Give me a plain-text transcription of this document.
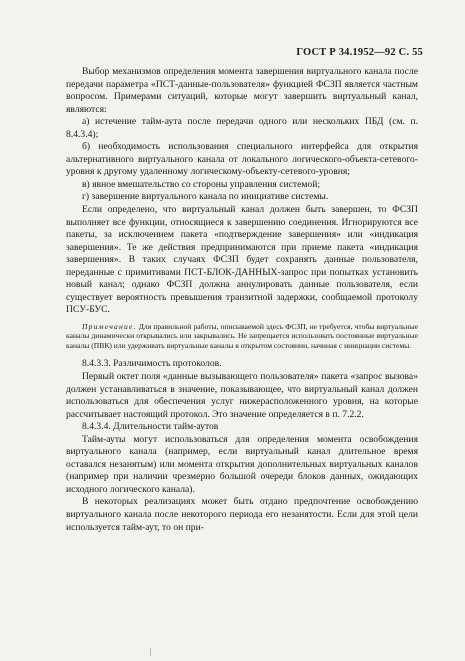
ГОСТ Р 34.1952—92 С. 55

Выбор механизмов определения момента завершения виртуального канала после передачи параметра «ПСТ-данные-пользователя» функцией ФСЗП является частным вопросом. Примерами ситуаций, которые могут завершить виртуальный канал, являются:

а) истечение тайм-аута после передачи одного или нескольких ПБД (см. п. 8.4.3.4);

б) необходимость использования специального интерфейса для открытия альтернативного виртуального канала от локального логического-объекта-сетевого-уровня к другому удаленному логическому-объекту-сетевого-уровня;

в) явное вмешательство со стороны управления системой;

г) завершение виртуального канала по инициативе системы.

Если определено, что виртуальный канал должен быть завершен, то ФСЗП выполняет все функции, относящиеся к завершению соединения. Игнорируются все пакеты, за исключением пакета «подтверждение завершения» или «индикация завершения». Те же действия предпринимаются при приеме пакета «индикация завершения». В таких случаях ФСЗП будет сохранять данные пользователя, переданные с примитивами ПСТ-БЛОК-ДАННЫХ-запрос при попытках установить новый канал; однако ФСЗП должна аннулировать данные пользователя, если существует вероятность превышения транзитной задержки, сообщаемой протоколу ПСУ-БУС.

Примечание. Для правильной работы, описываемой здесь ФСЗП, не требуется, чтобы виртуальные каналы динамически открывались или закрывались. Не запрещается использовать постоянные виртуальные каналы (ПВК) или удерживать виртуальные каналы в открытом состоянии, начиная с инициации системы.

8.4.3.3. Различимость протоколов.

Первый октет поля «данные вызывающего пользователя» пакета «запрос вызова» должен устанавливаться в значение, показывающее, что виртуальный канал должен использоваться для обеспечения услуг нижерасположенного уровня, на которые рассчитывает настоящий протокол. Это значение определяется в п. 7.2.2.

8.4.3.4. Длительности тайм-аутов

Тайм-ауты могут использоваться для определения момента освобождения виртуального канала (например, если виртуальный канал длительное время оставался незанятым) или момента открытия дополнительных виртуальных каналов (например при наличии чрезмерно большой очереди блоков данных, ожидающих исходного логического канала).

В некоторых реализациях может быть отдано предпочтение освобождению виртуального канала после некоторого периода его незанятости. Если для этой цели используется тайм-аут, то он при-

|
